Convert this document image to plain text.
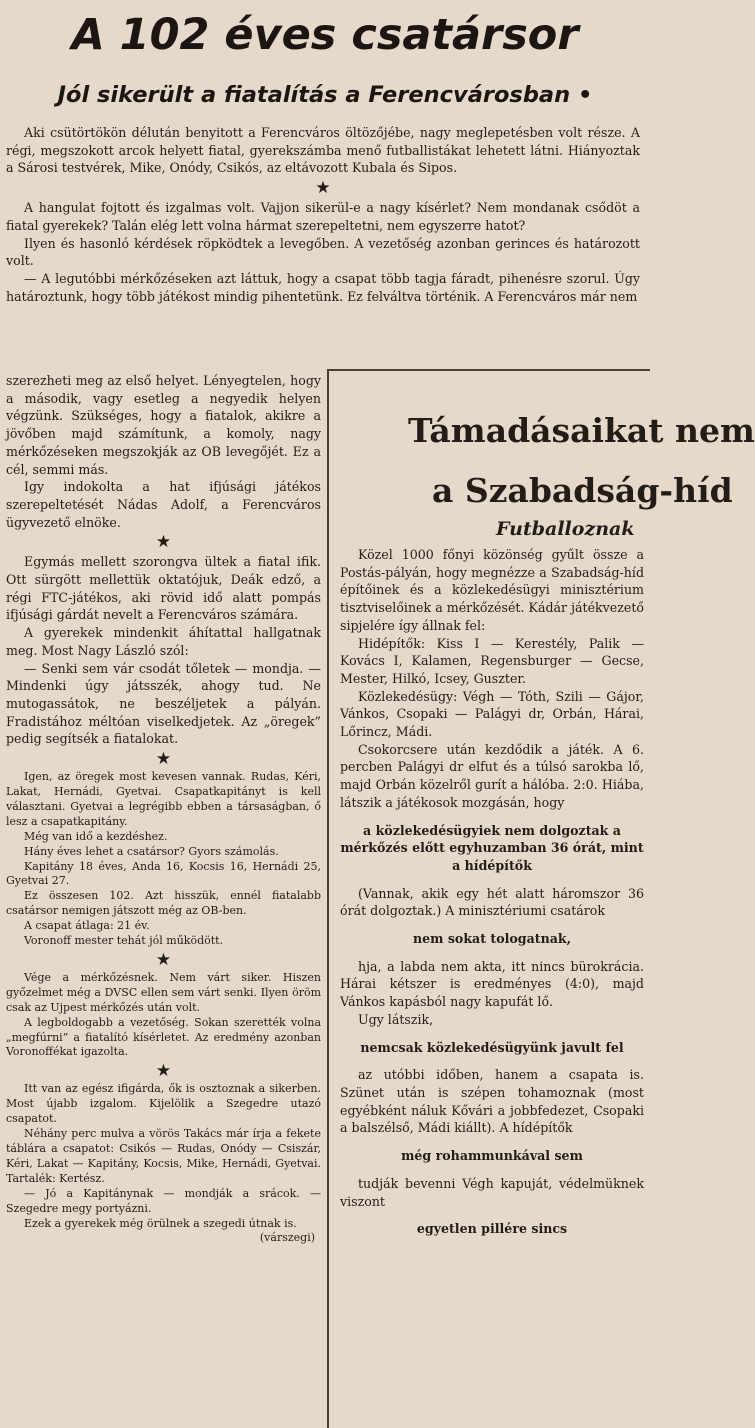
A 102 éves csatársor
Jól sikerült a fiatalítás a Ferencvárosban •

Aki csütörtökön délután benyitott a Ferencváros öltözőjébe, nagy meglepetésben volt része. A régi, megszokott arcok helyett fiatal, gyerekszámba menő futballistákat lehetett látni. Hiányoztak a Sárosi testvérek, Mike, Onódy, Csikós, az eltávozott Kubala és Sipos.

★

A hangulat fojtott és izgalmas volt. Vajjon sikerül-e a nagy kísérlet? Nem mondanak csődöt a fiatal gyerekek? Talán elég lett volna hármat szerepeltetni, nem egyszerre hatot?

Ilyen és hasonló kérdések röpködtek a levegőben. A vezetőség azonban gerinces és határozott volt.

— A legutóbbi mérkőzéseken azt láttuk, hogy a csapat több tagja fáradt, pihenésre szorul. Úgy határoztunk, hogy több játékost mindig pihentetünk. Ez felváltva történik. A Ferencváros már nem

szerezheti meg az első helyet. Lényegtelen, hogy a második, vagy esetleg a negyedik helyen végzünk. Szükséges, hogy a fiatalok, akikre a jövőben majd számítunk, a komoly, nagy mérkőzéseken megszokják az OB levegőjét. Ez a cél, semmi más.

Igy indokolta a hat ifjúsági játékos szerepeltetését Nádas Adolf, a Ferencváros ügyvezető elnöke.

★

Egymás mellett szorongva ültek a fiatal ifik. Ott sürgött mellettük oktatójuk, Deák edző, a régi FTC-játékos, aki rövid idő alatt pompás ifjúsági gárdát nevelt a Ferencváros számára.

A gyerekek mindenkit áhítattal hallgatnak meg. Most Nagy László szól:

— Senki sem vár csodát tőletek — mondja. — Mindenki úgy játsszék, ahogy tud. Ne mutogassátok, ne beszéljetek a pályán. Fradistához méltóan viselkedjetek. Az „öregek” pedig segítsék a fiatalokat.

★

Igen, az öregek most kevesen vannak. Rudas, Kéri, Lakat, Hernádi, Gyetvai. Csapatkapitányt is kell választani. Gyetvai a legrégibb ebben a társaságban, ő lesz a csapatkapitány.

Még van idő a kezdéshez.

Hány éves lehet a csatársor? Gyors számolás.

Kapitány 18 éves, Anda 16, Kocsis 16, Hernádi 25, Gyetvai 27.

Ez összesen 102. Azt hisszük, ennél fiatalabb csatársor nemigen játszott még az OB-ben.

A csapat átlaga: 21 év.

Voronoff mester tehát jól működött.

★

Vége a mérkőzésnek. Nem várt siker. Hiszen győzelmet még a DVSC ellen sem várt senki. Ilyen öröm csak az Ujpest mérkőzés után volt.

A legboldogabb a vezetőség. Sokan szerették volna „megfúrni” a fiatalító kísérletet. Az eredmény azonban Voronoffékat igazolta.

★

Itt van az egész ifigárda, ők is osztoznak a sikerben. Most újabb izgalom. Kijelölik a Szegedre utazó csapatot.

Néhány perc mulva a vörös Takács már írja a fekete táblára a csapatot: Csikós — Rudas, Onódy — Csiszár, Kéri, Lakat — Kapitány, Kocsis, Mike, Hernádi, Gyetvai. Tartalék: Kertész.

— Jó a Kapitánynak — mondják a srácok. — Szegedre megy portyázni.

Ezek a gyerekek még örülnek a szegedi útnak is.

(várszegi)

Támadásaikat nem
a Szabadság-híd
Futballoznak

Közel 1000 főnyi közönség gyűlt össze a Postás-pályán, hogy megnézze a Szabadság-híd építőinek és a közlekedésügyi minisztérium tisztviselőinek a mérkőzését. Kádár játékvezető sipjelére így állnak fel:

Hidépítők: Kiss I — Kerestély, Palik — Kovács I, Kalamen, Regensburger — Gecse, Mester, Hilkó, Icsey, Guszter.

Közlekedésügy: Végh — Tóth, Szili — Gájor, Vánkos, Csopaki — Palágyi dr, Orbán, Hárai, Lőrincz, Mádi.

Csokorcsere után kezdődik a játék. A 6. percben Palágyi dr elfut és a túlsó sarokba lő, majd Orbán közelről gurít a hálóba. 2:0. Hiába, látszik a játékosok mozgásán, hogy

a közlekedésügyiek nem dolgoztak a mérkőzés előtt egyhuzamban 36 órát, mint a hídépítők

(Vannak, akik egy hét alatt háromszor 36 órát dolgoztak.) A minisztériumi csatárok

nem sokat tologatnak,

hja, a labda nem akta, itt nincs bürokrácia. Hárai kétszer is eredményes (4:0), majd Vánkos kapásból nagy kapufát lő.

Ugy látszik,

nemcsak közlekedésügyünk javult fel

az utóbbi időben, hanem a csapata is. Szünet után is szépen tohamoznak (most egyébként náluk Kővári a jobbfedezet, Csopaki a balszélső, Mádi kiállt). A hídépítők

még rohammunkával sem

tudják bevenni Végh kapuját, védelmüknek viszont

egyetlen pillére sincs
